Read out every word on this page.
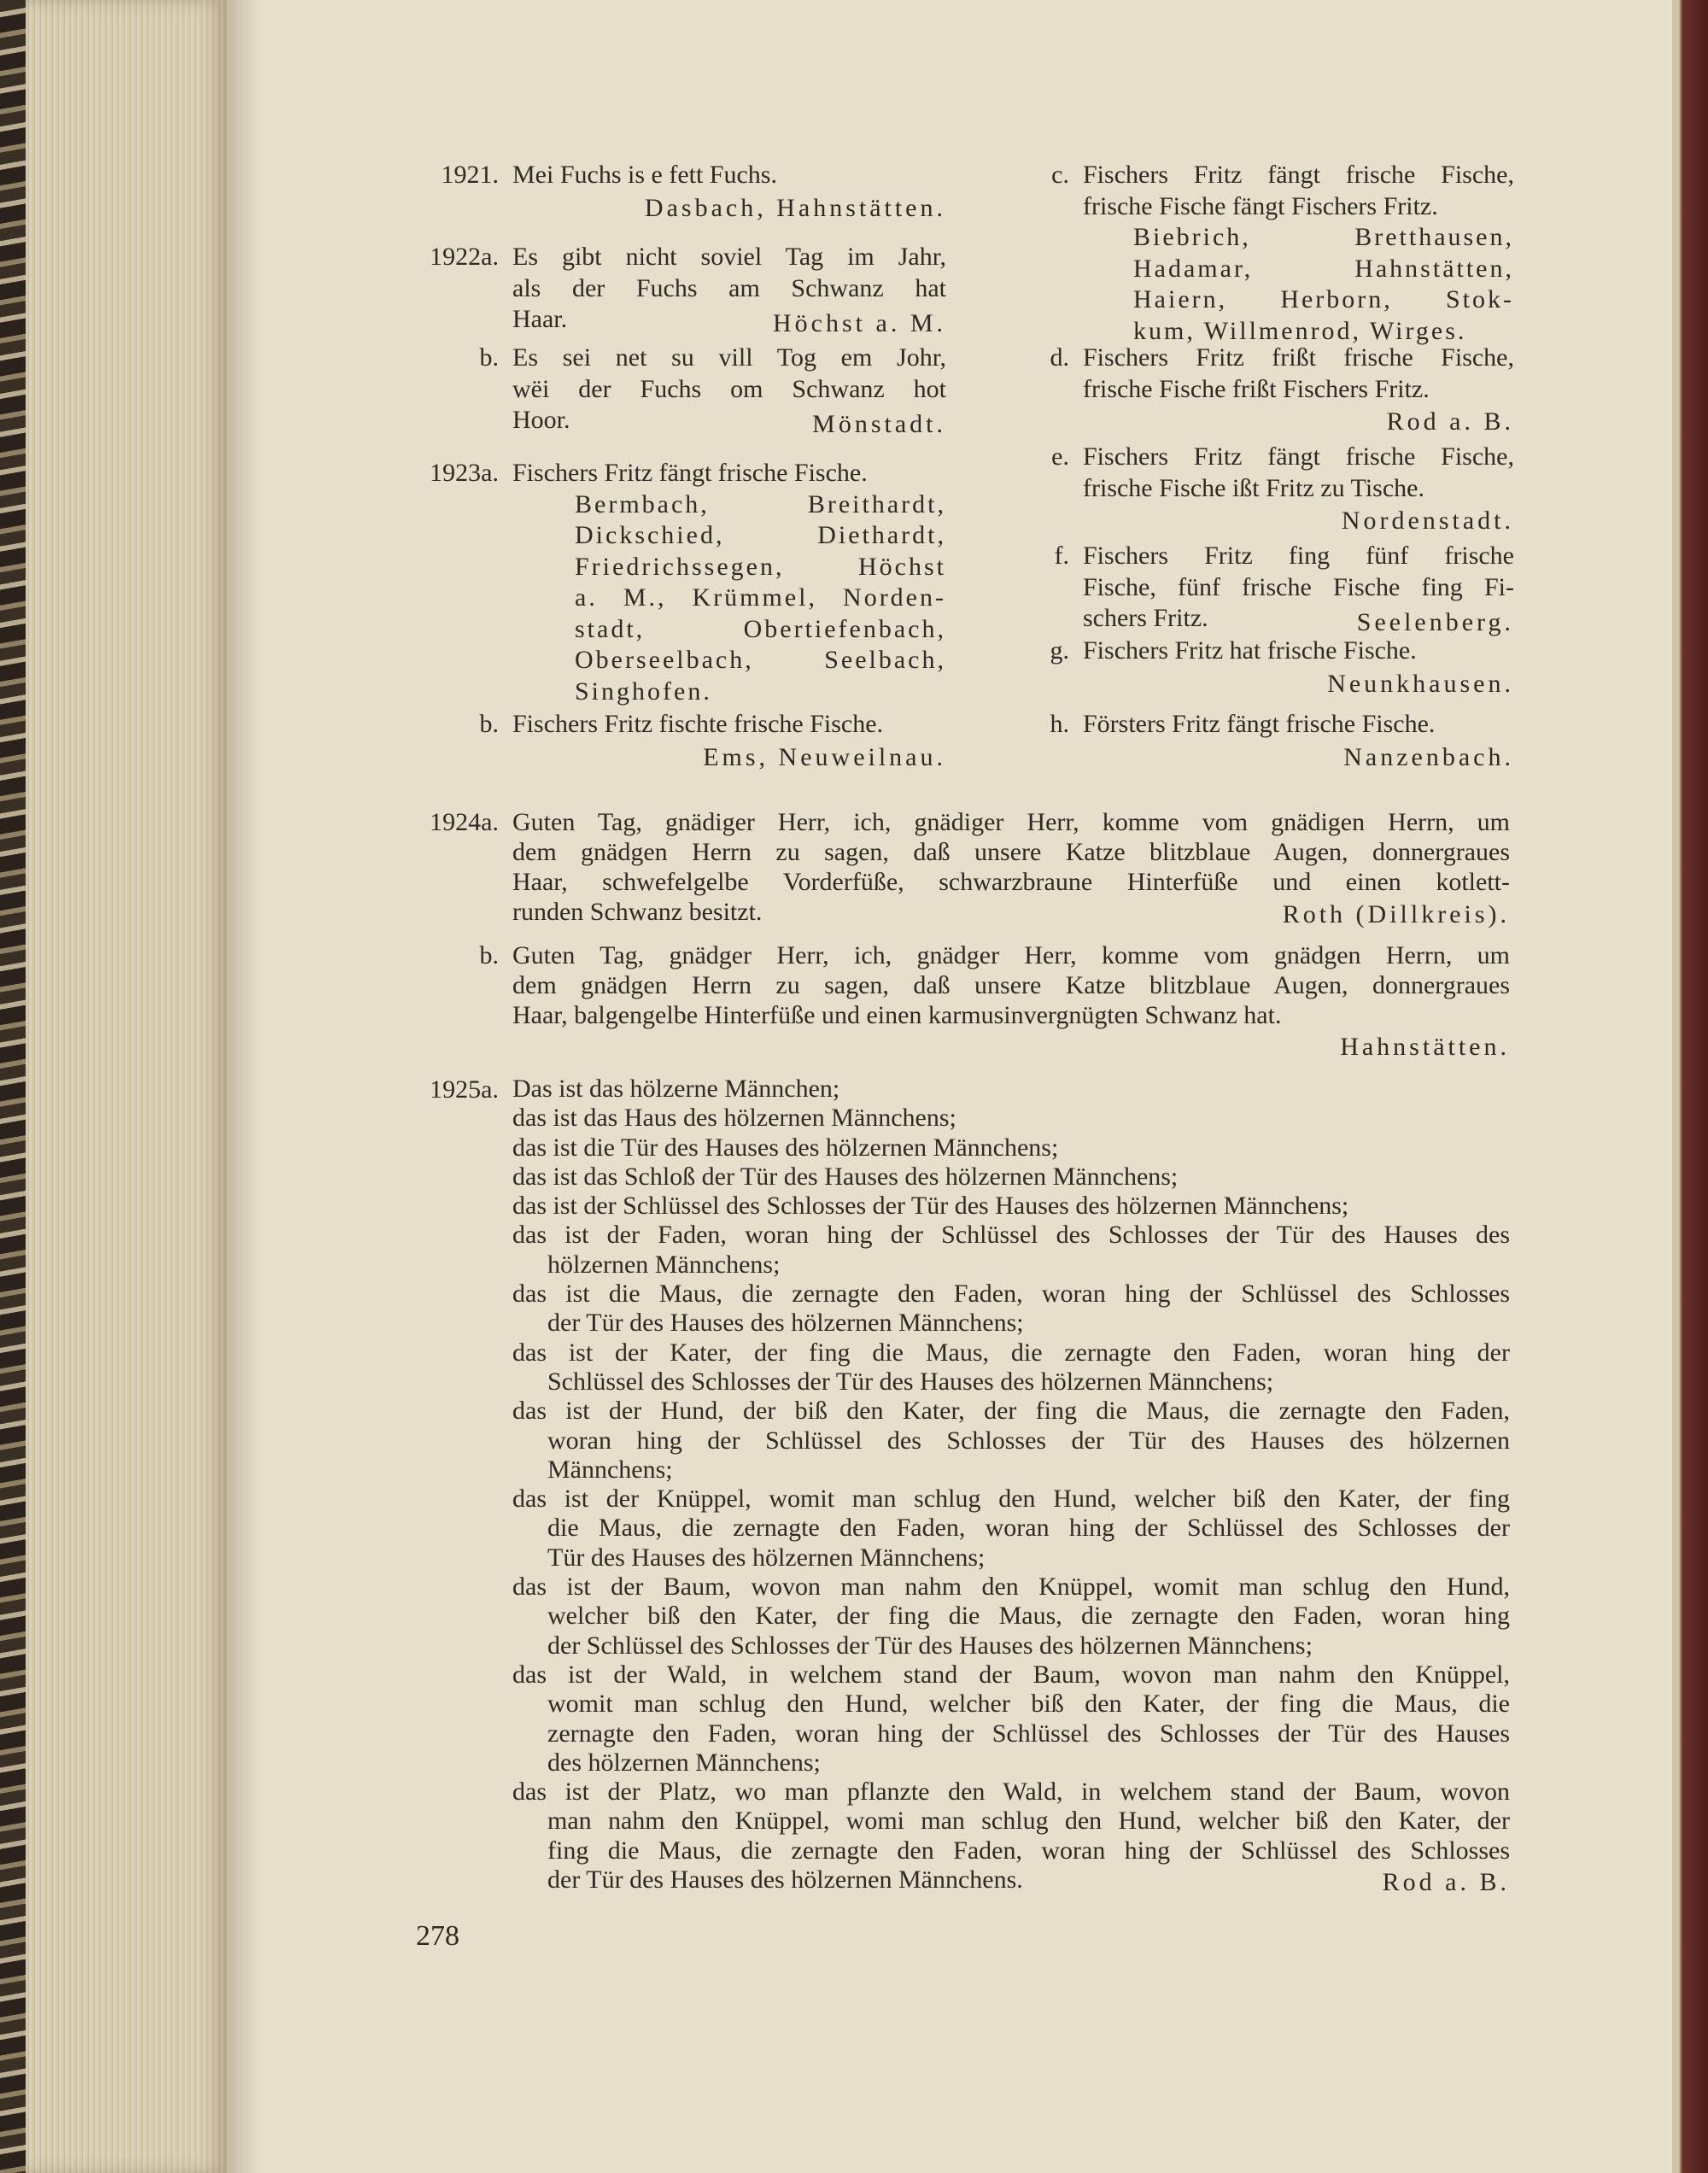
1921. Mei Fuchs is e fett Fuchs.
Dasbach, Hahnstätten.
1922a. Es gibt nicht soviel Tag im Jahr,
als der Fuchs am Schwanz hat
Haar.	Höchst a. M.
b. Es sei net su vill Tog em Johr,
wëi der Fuchs om Schwanz hot
Hoor.	Mönstadt.
1923a. Fischers Fritz fängt frische Fische.
Bermbach, Breithardt,
Dickschied, Diethardt,
Friedrichssegen, Höchst
a. M., Krümmel, Norden-
stadt, Obertiefenbach,
Oberseelbach, Seelbach,
Singhofen.
b. Fischers Fritz fischte frische Fische.
Ems, Neuweilnau.
c. Fischers Fritz fängt frische Fische,
frische Fische fängt Fischers Fritz.
Biebrich, Bretthausen,
Hadamar, Hahnstätten,
Haiern, Herborn, Stok-
kum, Willmenrod, Wirges.
d. Fischers Fritz frißt frische Fische,
frische Fische frißt Fischers Fritz.
Rod a. B.
e. Fischers Fritz fängt frische Fische,
frische Fische ißt Fritz zu Tische.
Nordenstadt.
f. Fischers Fritz fing fünf frische
Fische, fünf frische Fische fing Fi-
schers Fritz.	Seelenberg.
g. Fischers Fritz hat frische Fische.
Neunkhausen.
h. Försters Fritz fängt frische Fische.
Nanzenbach.
1924a. Guten Tag, gnädiger Herr, ich, gnädiger Herr, komme vom gnädigen Herrn, um
dem gnädgen Herrn zu sagen, daß unsere Katze blitzblaue Augen, donnergraues
Haar, schwefelgelbe Vorderfüße, schwarzbraune Hinterfüße und einen kotlett-
runden Schwanz besitzt.	Roth (Dillkreis).
b. Guten Tag, gnädger Herr, ich, gnädger Herr, komme vom gnädgen Herrn, um
dem gnädgen Herrn zu sagen, daß unsere Katze blitzblaue Augen, donnergraues
Haar, balgengelbe Hinterfüße und einen karmusinvergnügten Schwanz hat.
Hahnstätten.
1925a. Das ist das hölzerne Männchen;
das ist das Haus des hölzernen Männchens;
das ist die Tür des Hauses des hölzernen Männchens;
das ist das Schloß der Tür des Hauses des hölzernen Männchens;
das ist der Schlüssel des Schlosses der Tür des Hauses des hölzernen Männchens;
das ist der Faden, woran hing der Schlüssel des Schlosses der Tür des Hauses des
hölzernen Männchens;
das ist die Maus, die zernagte den Faden, woran hing der Schlüssel des Schlosses
der Tür des Hauses des hölzernen Männchens;
das ist der Kater, der fing die Maus, die zernagte den Faden, woran hing der
Schlüssel des Schlosses der Tür des Hauses des hölzernen Männchens;
das ist der Hund, der biß den Kater, der fing die Maus, die zernagte den Faden,
woran hing der Schlüssel des Schlosses der Tür des Hauses des hölzernen
Männchens;
das ist der Knüppel, womit man schlug den Hund, welcher biß den Kater, der fing
die Maus, die zernagte den Faden, woran hing der Schlüssel des Schlosses der
Tür des Hauses des hölzernen Männchens;
das ist der Baum, wovon man nahm den Knüppel, womit man schlug den Hund,
welcher biß den Kater, der fing die Maus, die zernagte den Faden, woran hing
der Schlüssel des Schlosses der Tür des Hauses des hölzernen Männchens;
das ist der Wald, in welchem stand der Baum, wovon man nahm den Knüppel,
womit man schlug den Hund, welcher biß den Kater, der fing die Maus, die
zernagte den Faden, woran hing der Schlüssel des Schlosses der Tür des Hauses
des hölzernen Männchens;
das ist der Platz, wo man pflanzte den Wald, in welchem stand der Baum, wovon
man nahm den Knüppel, womi man schlug den Hund, welcher biß den Kater, der
fing die Maus, die zernagte den Faden, woran hing der Schlüssel des Schlosses
der Tür des Hauses des hölzernen Männchens.	Rod a. B.
278
